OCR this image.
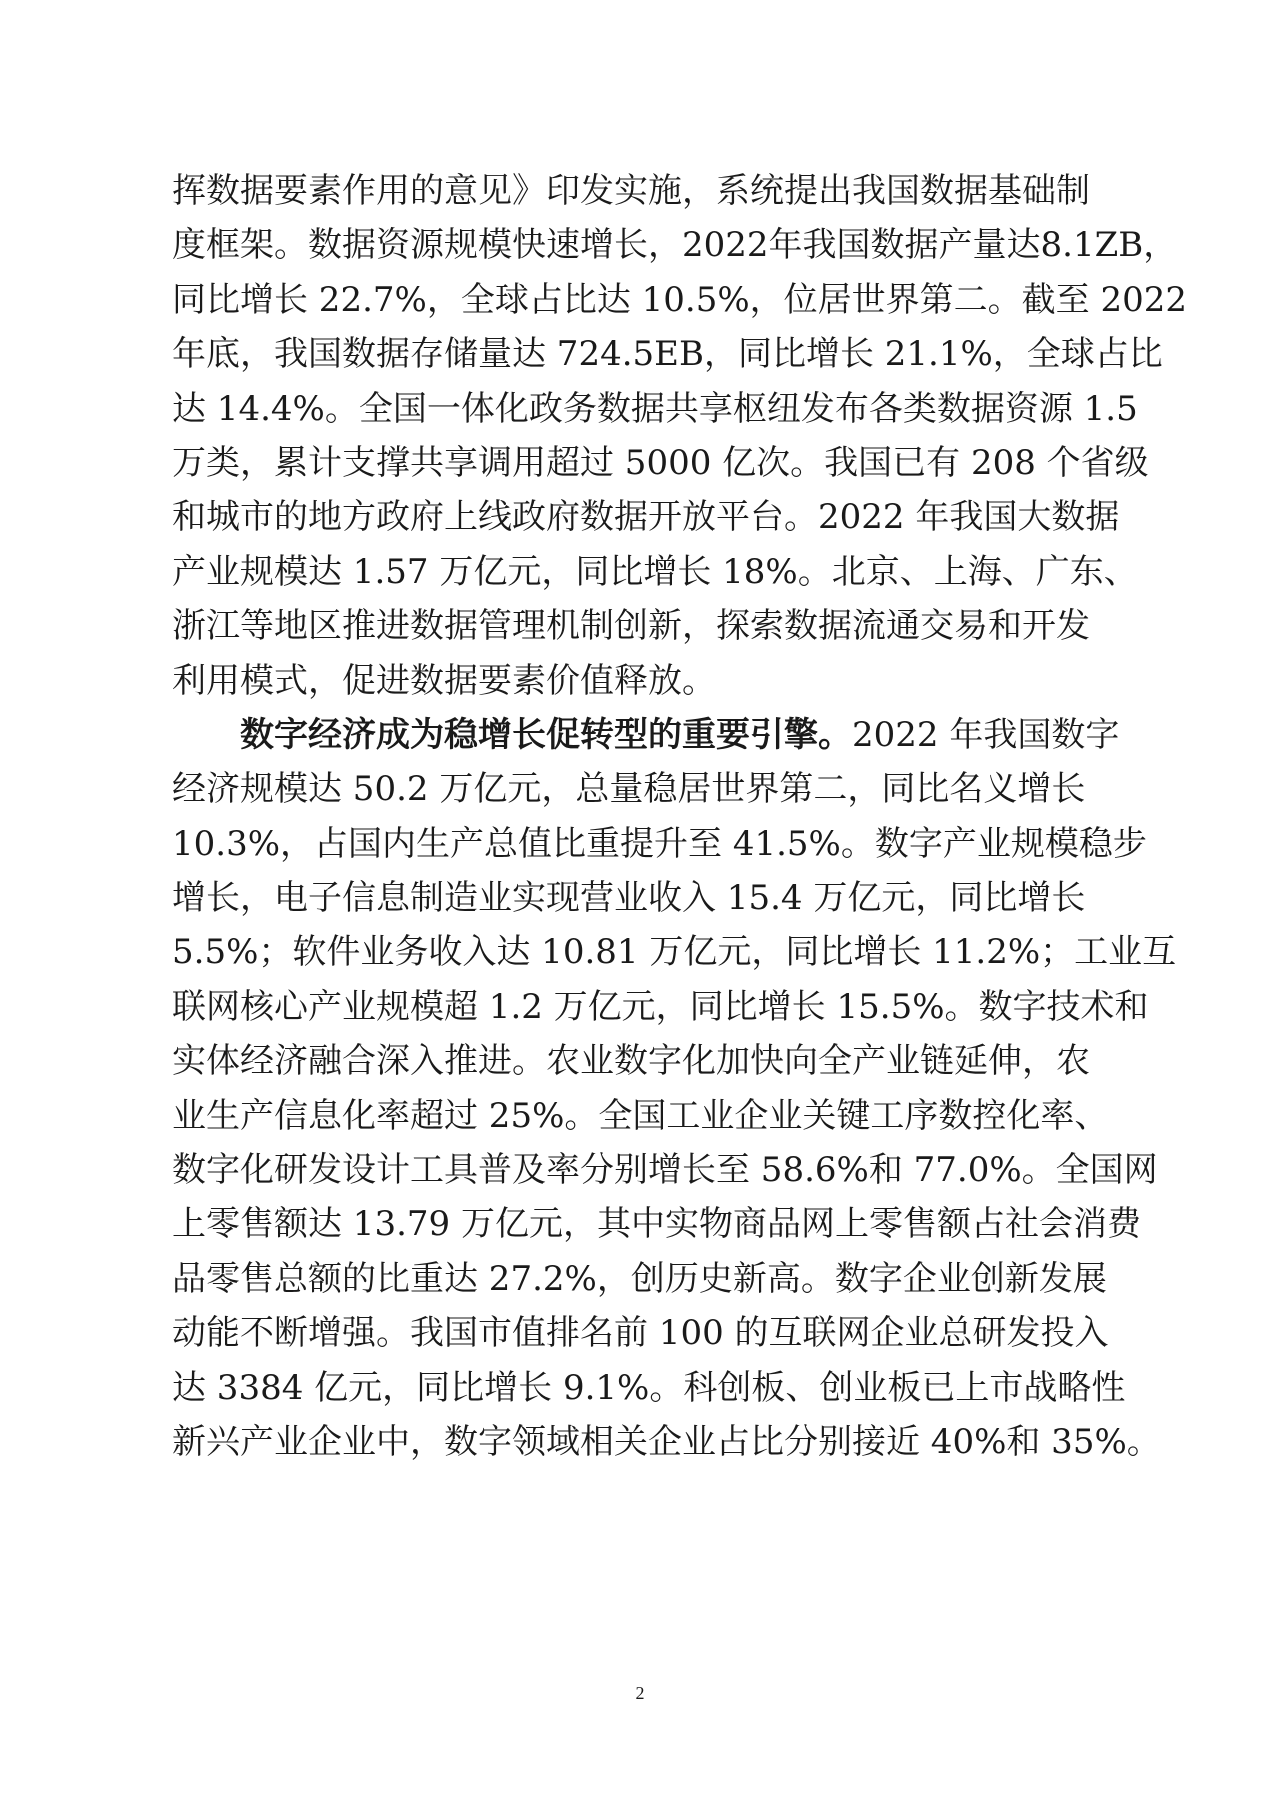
挥数据要素作用的意见》印发实施，系统提出我国数据基础制
度框架。数据资源规模快速增长，2022年我国数据产量达8.1ZB，
同比增长 22.7%，全球占比达 10.5%，位居世界第二。截至 2022
年底，我国数据存储量达 724.5EB，同比增长 21.1%，全球占比
达 14.4%。全国一体化政务数据共享枢纽发布各类数据资源 1.5
万类，累计支撑共享调用超过 5000 亿次。我国已有 208 个省级
和城市的地方政府上线政府数据开放平台。2022 年我国大数据
产业规模达 1.57 万亿元，同比增长 18%。北京、上海、广东、
浙江等地区推进数据管理机制创新，探索数据流通交易和开发
利用模式，促进数据要素价值释放。
数字经济成为稳增长促转型的重要引擎。2022 年我国数字
经济规模达 50.2 万亿元，总量稳居世界第二，同比名义增长
10.3%，占国内生产总值比重提升至 41.5%。数字产业规模稳步
增长，电子信息制造业实现营业收入 15.4 万亿元，同比增长
5.5%；软件业务收入达 10.81 万亿元，同比增长 11.2%；工业互
联网核心产业规模超 1.2 万亿元，同比增长 15.5%。数字技术和
实体经济融合深入推进。农业数字化加快向全产业链延伸，农
业生产信息化率超过 25%。全国工业企业关键工序数控化率、
数字化研发设计工具普及率分别增长至 58.6%和 77.0%。全国网
上零售额达 13.79 万亿元，其中实物商品网上零售额占社会消费
品零售总额的比重达 27.2%，创历史新高。数字企业创新发展
动能不断增强。我国市值排名前 100 的互联网企业总研发投入
达 3384 亿元，同比增长 9.1%。科创板、创业板已上市战略性
新兴产业企业中，数字领域相关企业占比分别接近 40%和 35%。
2
